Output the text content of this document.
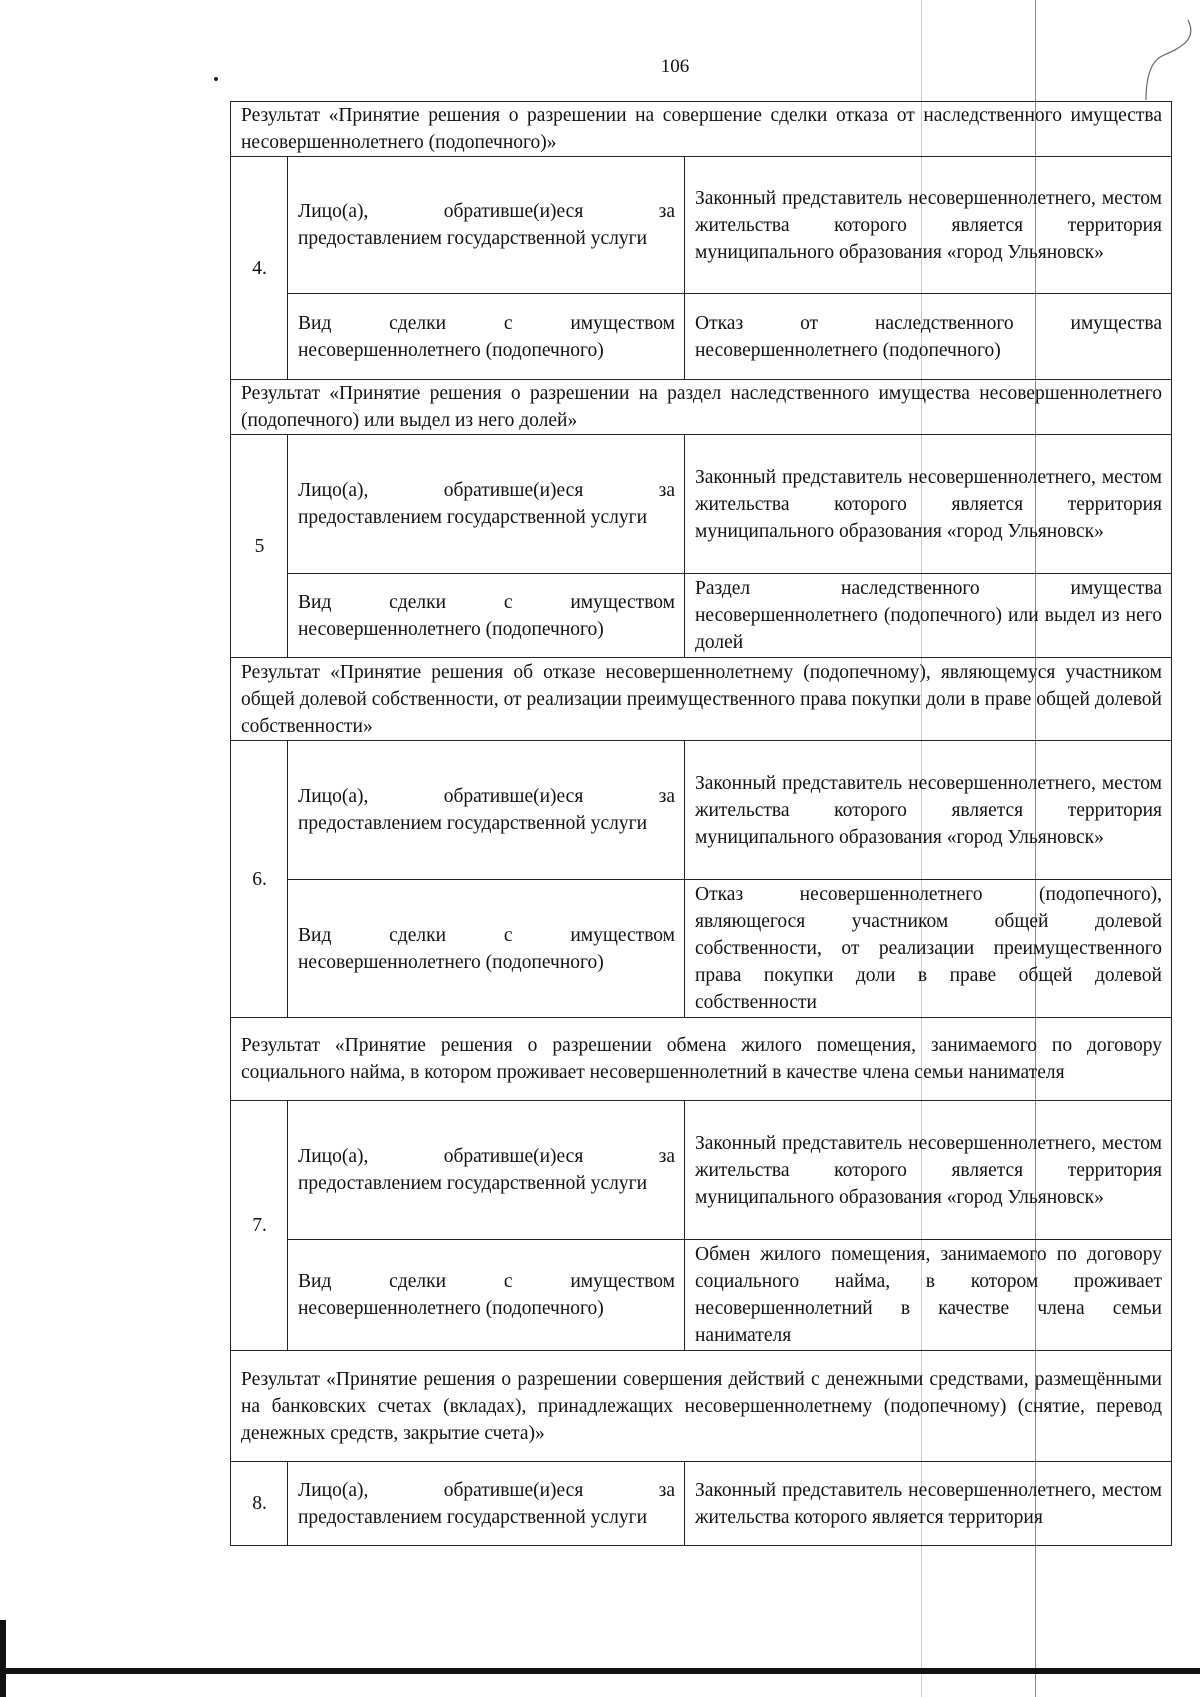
106
Результат «Принятие решения о разрешении на совершение сделки отказа от наследственного имущества несовершеннолетнего (подопечного)»		
4.	Лицо(а), обратившe(и)еся за предоставлением государственной услуги	Законный представитель несовершеннолетнего, местом жительства которого является территория муниципального образования «город Ульяновск»
	Вид сделки с имуществом несовершеннолетнего (подопечного)	Отказ от наследственного имущества несовершеннолетнего (подопечного)
Результат «Принятие решения о разрешении на раздел наследственного имущества несовершеннолетнего (подопечного) или выдел из него долей»		
5	Лицо(а), обратившe(и)еся за предоставлением государственной услуги	Законный представитель несовершеннолетнего, местом жительства которого является территория муниципального образования «город Ульяновск»
	Вид сделки с имуществом несовершеннолетнего (подопечного)	Раздел наследственного имущества несовершеннолетнего (подопечного) или выдел из него долей
Результат «Принятие решения об отказе несовершеннолетнему (подопечному), являющемуся участником общей долевой собственности, от реализации преимущественного права покупки доли в праве общей долевой собственности»		
6.	Лицо(а), обратившe(и)еся за предоставлением государственной услуги	Законный представитель несовершеннолетнего, местом жительства которого является территория муниципального образования «город Ульяновск»
	Вид сделки с имуществом несовершеннолетнего (подопечного)	Отказ несовершеннолетнего (подопечного), являющегося участником общей долевой собственности, от реализации преимущественного права покупки доли в праве общей долевой собственности
Результат «Принятие решения о разрешении обмена жилого помещения, занимаемого по договору социального найма, в котором проживает несовершеннолетний в качестве члена семьи нанимателя		
7.	Лицо(а), обратившe(и)еся за предоставлением государственной услуги	Законный представитель несовершеннолетнего, местом жительства которого является территория муниципального образования «город Ульяновск»
	Вид сделки с имуществом несовершеннолетнего (подопечного)	Обмен жилого помещения, занимаемого по договору социального найма, в котором проживает несовершеннолетний в качестве члена семьи нанимателя
Результат «Принятие решения о разрешении совершения действий с денежными средствами, размещёнными на банковских счетах (вкладах), принадлежащих несовершеннолетнему (подопечному) (снятие, перевод денежных средств, закрытие счета)»		
8.	Лицо(а), обратившe(и)еся за предоставлением государственной услуги	Законный представитель несовершеннолетнего, местом жительства которого является территория
